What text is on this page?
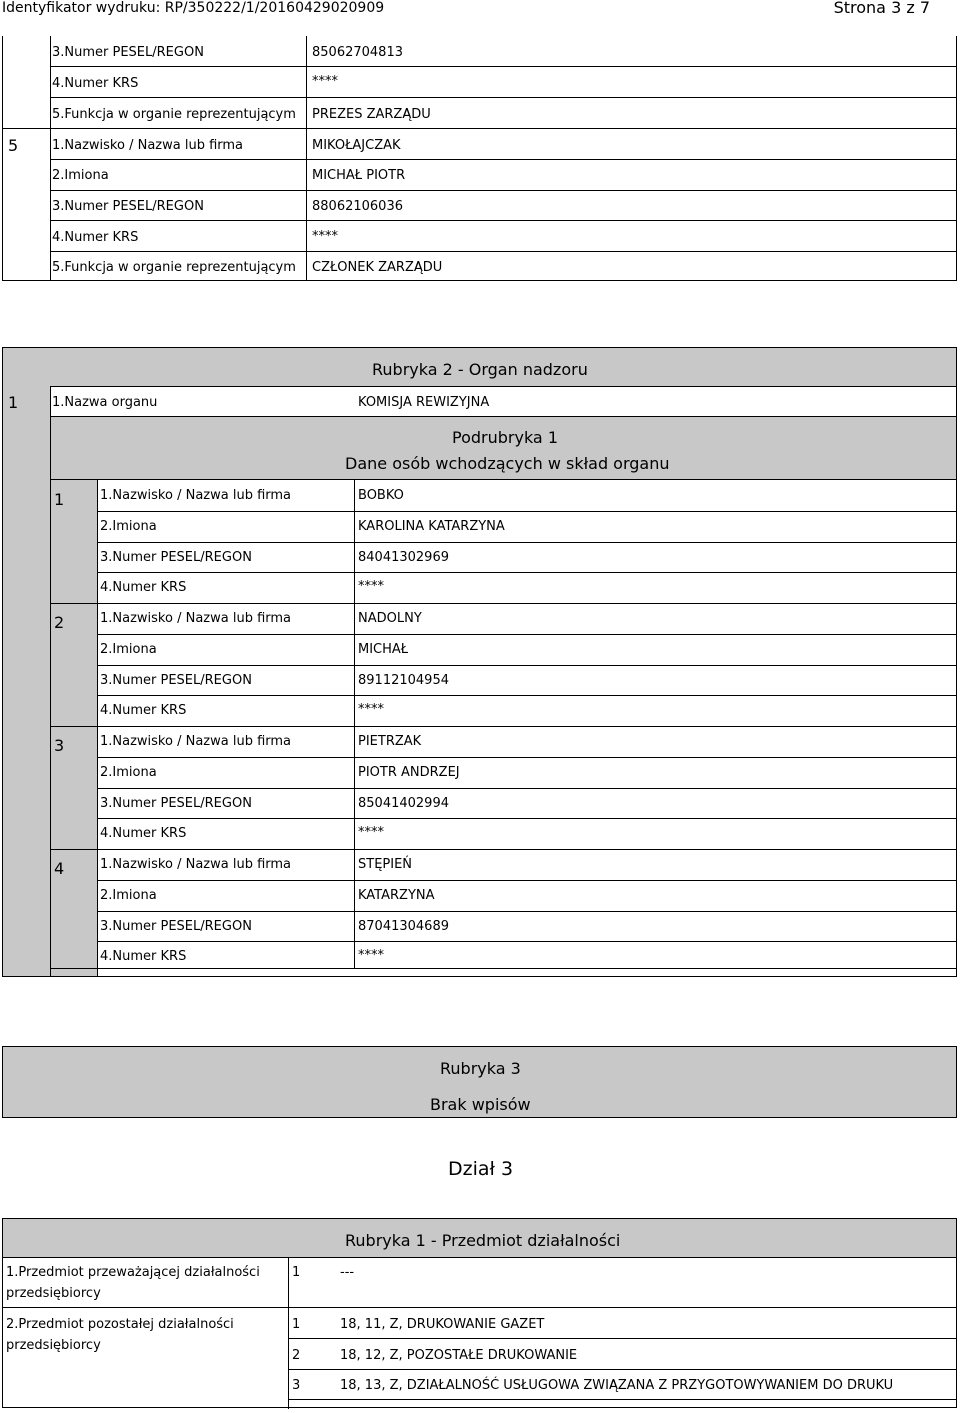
Identyfikator wydruku: RP/350222/1/20160429020909	Strona 3 z 7
3.Numer PESEL/REGON	85062704813
4.Numer KRS	****
5.Funkcja w organie reprezentującym PREZES ZARZĄDU
5	1.Nazwisko / Nazwa lub firma	MIKOŁAJCZAK
2.Imiona	MICHAŁ PIOTR
3.Numer PESEL/REGON	88062106036
4.Numer KRS	****
5.Funkcja w organie reprezentującym CZŁONEK ZARZĄDU
Rubryka 2 - Organ nadzoru
1	1.Nazwa organu	KOMISJA REWIZYJNA
Podrubryka 1
Dane osób wchodzących w skład organu
1	1.Nazwisko / Nazwa lub firma	BOBKO
2.Imiona	KAROLINA KATARZYNA
3.Numer PESEL/REGON	84041302969
4.Numer KRS	****
2	1.Nazwisko / Nazwa lub firma	NADOLNY
2.Imiona	MICHAŁ
3.Numer PESEL/REGON	89112104954
4.Numer KRS	****
3	1.Nazwisko / Nazwa lub firma	PIETRZAK
2.Imiona	PIOTR ANDRZEJ
3.Numer PESEL/REGON	85041402994
4.Numer KRS	****
4	1.Nazwisko / Nazwa lub firma	STĘPIEŃ
2.Imiona	KATARZYNA
3.Numer PESEL/REGON	87041304689
4.Numer KRS	****
Rubryka 3
Brak wpisów
Dział 3
Rubryka 1 - Przedmiot działalności
1.Przedmiot przeważającej działalności
przedsiębiorcy
1	---
2.Przedmiot pozostałej działalności
przedsiębiorcy
1	18, 11, Z, DRUKOWANIE GAZET
2	18, 12, Z, POZOSTAŁE DRUKOWANIE
3	18, 13, Z, DZIAŁALNOŚĆ USŁUGOWA ZWIĄZANA Z PRZYGOTOWYWANIEM DO DRUKU
